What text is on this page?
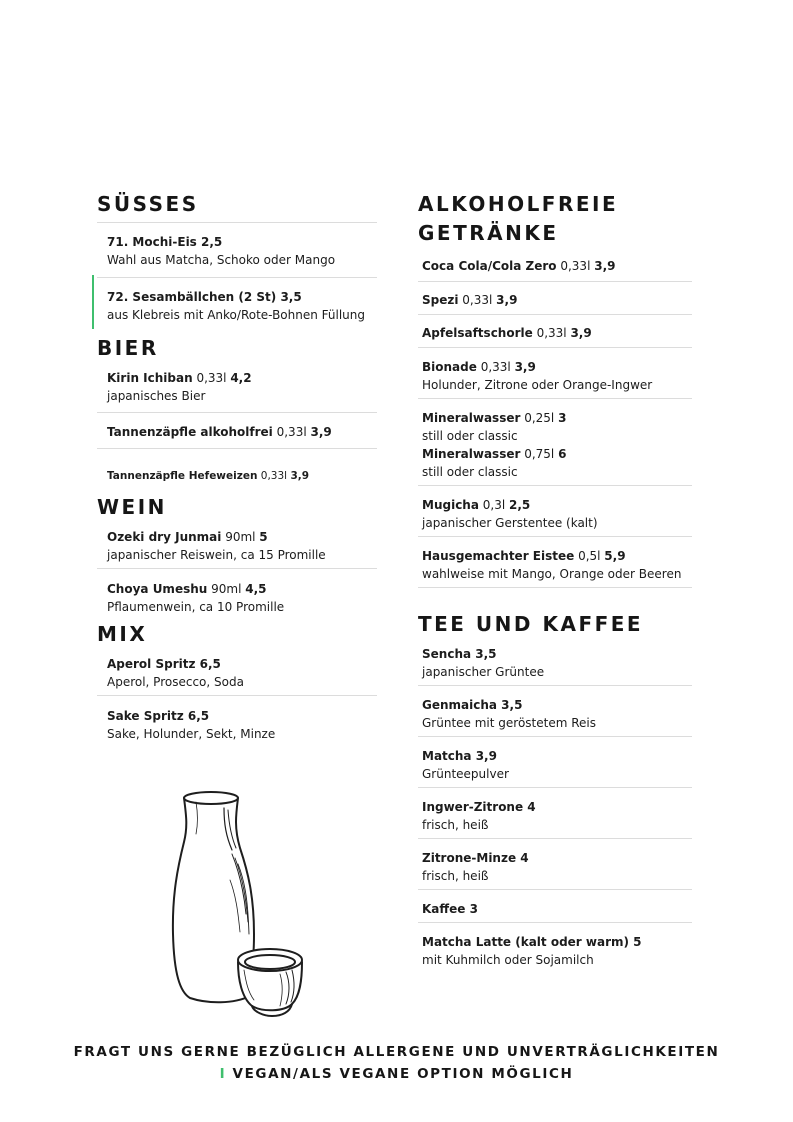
SÜSSES
71. Mochi-Eis 2,5
Wahl aus Matcha, Schoko oder Mango
72. Sesambällchen (2 St) 3,5
aus Klebreis mit Anko/Rote-Bohnen Füllung
BIER
Kirin Ichiban 0,33l 4,2
japanisches Bier
Tannenzäpfle alkoholfrei 0,33l 3,9
Tannenzäpfle Hefeweizen 0,33l 3,9
WEIN
Ozeki dry Junmai 90ml 5
japanischer Reiswein, ca 15 Promille
Choya Umeshu 90ml 4,5
Pflaumenwein, ca 10 Promille
MIX
Aperol Spritz 6,5
Aperol, Prosecco, Soda
Sake Spritz 6,5
Sake, Holunder, Sekt, Minze
ALKOHOLFREIE GETRÄNKE
Coca Cola/Cola Zero 0,33l 3,9
Spezi 0,33l 3,9
Apfelsaftschorle 0,33l 3,9
Bionade 0,33l 3,9
Holunder, Zitrone oder Orange-Ingwer
Mineralwasser 0,25l 3
still oder classic
Mineralwasser 0,75l 6
still oder classic
Mugicha 0,3l 2,5
japanischer Gerstentee (kalt)
Hausgemachter Eistee 0,5l 5,9
wahlweise mit Mango, Orange oder Beeren
TEE UND KAFFEE
Sencha 3,5
japanischer Grüntee
Genmaicha 3,5
Grüntee mit geröstetem Reis
Matcha 3,9
Grünteepulver
Ingwer-Zitrone 4
frisch, heiß
Zitrone-Minze 4
frisch, heiß
Kaffee 3
Matcha Latte (kalt oder warm) 5
mit Kuhmilch oder Sojamilch
FRAGT UNS GERNE BEZÜGLICH ALLERGENE UND UNVERTRÄGLICHKEITEN
I VEGAN/ALS VEGANE OPTION MÖGLICH
